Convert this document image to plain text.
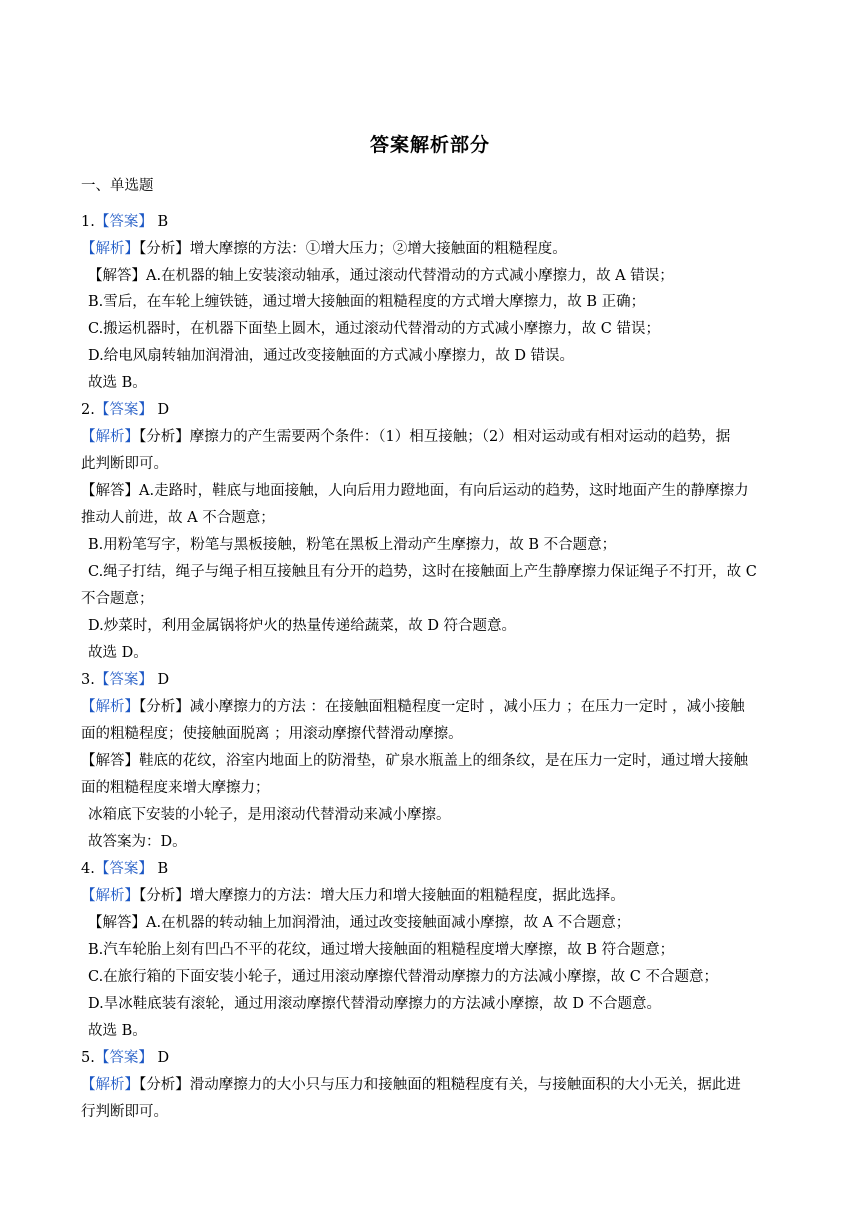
答案解析部分
一、单选题
1.【答案】 B
【解析】【分析】增大摩擦的方法：①增大压力；②增大接触面的粗糙程度。
【解答】A.在机器的轴上安装滚动轴承，通过滚动代替滑动的方式减小摩擦力，故 A 错误；
B.雪后，在车轮上缠铁链，通过增大接触面的粗糙程度的方式增大摩擦力，故 B 正确；
C.搬运机器时，在机器下面垫上圆木，通过滚动代替滑动的方式减小摩擦力，故 C 错误；
D.给电风扇转轴加润滑油，通过改变接触面的方式减小摩擦力，故 D 错误。
故选 B。
2.【答案】 D
【解析】【分析】摩擦力的产生需要两个条件：（1）相互接触；（2）相对运动或有相对运动的趋势，据
此判断即可。
【解答】A.走路时，鞋底与地面接触，人向后用力蹬地面，有向后运动的趋势，这时地面产生的静摩擦力
推动人前进，故 A 不合题意；
B.用粉笔写字，粉笔与黑板接触，粉笔在黑板上滑动产生摩擦力，故 B 不合题意；
C.绳子打结，绳子与绳子相互接触且有分开的趋势，这时在接触面上产生静摩擦力保证绳子不打开，故 C
不合题意；
D.炒菜时，利用金属锅将炉火的热量传递给蔬菜，故 D 符合题意。
故选 D。
3.【答案】 D
【解析】【分析】减小摩擦力的方法 ：在接触面粗糙程度一定时 ，减小压力 ；在压力一定时 ，减小接触
面的粗糙程度；使接触面脱离 ；用滚动摩擦代替滑动摩擦。
【解答】鞋底的花纹，浴室内地面上的防滑垫，矿泉水瓶盖上的细条纹，是在压力一定时，通过增大接触
面的粗糙程度来增大摩擦力；
冰箱底下安装的小轮子，是用滚动代替滑动来减小摩擦。
故答案为：D。
4.【答案】 B
【解析】【分析】增大摩擦力的方法：增大压力和增大接触面的粗糙程度，据此选择。
【解答】A.在机器的转动轴上加润滑油，通过改变接触面减小摩擦，故 A 不合题意；
B.汽车轮胎上刻有凹凸不平的花纹，通过增大接触面的粗糙程度增大摩擦，故 B 符合题意；
C.在旅行箱的下面安装小轮子，通过用滚动摩擦代替滑动摩擦力的方法减小摩擦，故 C 不合题意；
D.旱冰鞋底装有滚轮，通过用滚动摩擦代替滑动摩擦力的方法减小摩擦，故 D 不合题意。
故选 B。
5.【答案】 D
【解析】【分析】滑动摩擦力的大小只与压力和接触面的粗糙程度有关，与接触面积的大小无关，据此进
行判断即可。
